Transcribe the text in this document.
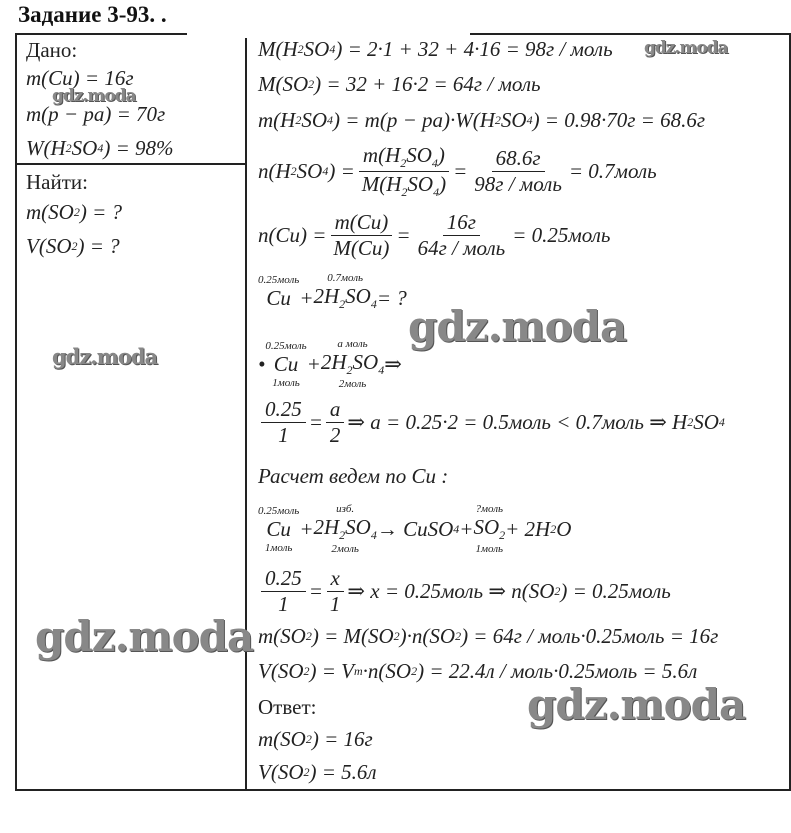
Задание 3-93. .
Дано:
m(Cu) = 16г
m(p − pa) = 70г
W(H 2 SO 4 ) = 98%
Найти:
m(SO 2 ) = ?
V(SO 2 ) = ?
M(H 2 SO 4 ) = 2·1 + 32 + 4·16 = 98г / моль
M(SO 2 ) = 32 + 16·2 = 64г / моль
m(H 2 SO 4 ) = m(p − pa)·W(H 2 SO 4 ) = 0.98·70г = 68.6г
n(H 2 SO 4 ) = $\frac{m(H_2SO_4)}{M(H_2SO_4)} = \frac{68.6г}{\text{98г / моль}}$ = 0.7моль
$n(Cu) = \frac{m(Cu)}{M(Cu)} = \frac{16г}{\text{64г / моль}}$ = 0.25моль
0.25моль
Cu +
0.7моль
$2H_2SO_4$ = ?
•
0.25моль
Cu
1моль
+
a моль
$2H_2SO_4$
2моль
⇒
$\frac{0.25}{1} = \frac{a}{2}$ ⇒ a = 0.25·2 = 0.5моль < 0.7моль ⇒ H 2 SO 4
Расчет ведем по Cu :
0.25моль
Cu
1моль
+
изб.
$2H_2SO_4$
2моль
→ CuSO 4 +
?моль
$SO_2$
1моль
+ 2H 2 O
$\frac{0.25}{1} = \frac{x}{1}$ ⇒ x = 0.25моль ⇒ n(SO 2 ) = 0.25моль
m(SO 2 ) = M(SO 2 )·n(SO 2 ) = 64г / моль·0.25моль = 16г
V(SO 2 ) = V m ·n(SO 2 ) = 22.4л / моль·0.25моль = 5.6л
Ответ:
m(SO 2 ) = 16г
V(SO 2 ) = 5.6л
gdz.moda
gdz.moda
gdz.moda
gdz.moda
gdz.moda
gdz.moda
